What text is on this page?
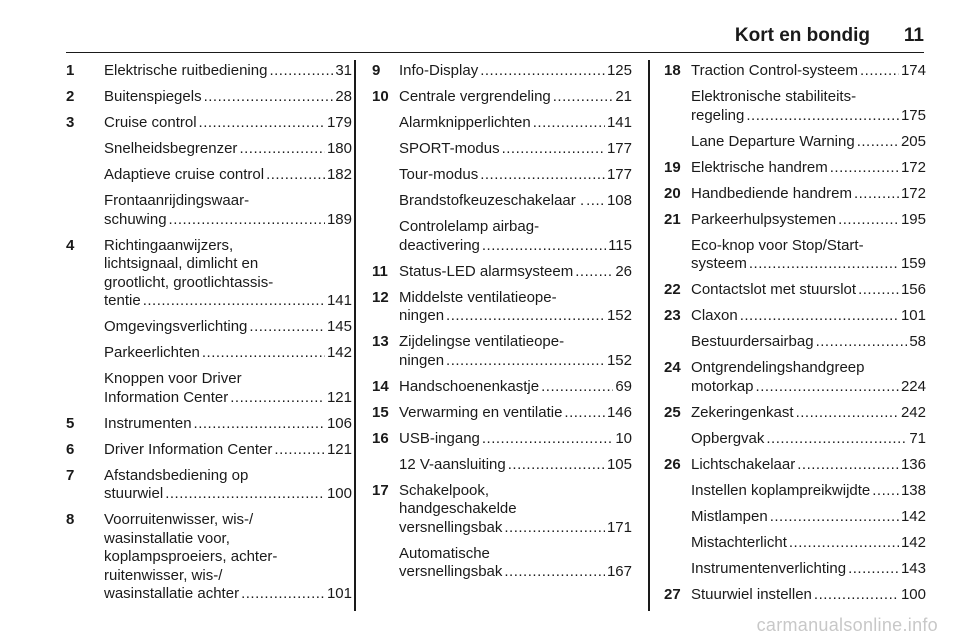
Kort en bondig 11
1 Elektrische ruitbediening .....	31
2 Buitenspiegels .....	28
3 Cruise control .....	179
Snelheidsbegrenzer .....	180
Adaptieve cruise control .....	182
Frontaanrijdingswaar-
schuwing .....	189
4 Richtingaanwijzers,
lichtsignaal, dimlicht en
grootlicht, grootlichtassis-
tentie .....	141
Omgevingsverlichting .....	145
Parkeerlichten .....	142
Knoppen voor Driver
Information Center .....	121
5 Instrumenten .....	106
6 Driver Information Center .....	121
7 Afstandsbediening op
stuurwiel .....	100
8 Voorruitenwisser, wis-/
wasinstallatie voor,
koplampsproeiers, achter-
ruitenwisser, wis-/
wasinstallatie achter .....	101
9 Info-Display .....	125
10 Centrale vergrendeling .....	21
Alarmknipperlichten .....	141
SPORT-modus .....	177
Tour-modus .....	177
Brandstofkeuzeschakelaar . ..... 108
Controlelamp airbag-
deactivering .....	115
11 Status-LED alarmsysteem .....	26
12 Middelste ventilatieope-
ningen .....	152
13 Zijdelingse ventilatieope-
ningen .....	152
14 Handschoenenkastje .....	69
15 Verwarming en ventilatie .....	146
16 USB-ingang .....	10
12 V-aansluiting .....	105
17 Schakelpook,
handgeschakelde
versnellingsbak .....	171
Automatische
versnellingsbak .....	167
18 Traction Control-systeem .....	174
Elektronische stabiliteits-
regeling .....	175
Lane Departure Warning .....	205
19 Elektrische handrem .....	172
20 Handbediende handrem .....	172
21 Parkeerhulpsystemen .....	195
Eco-knop voor Stop/Start-
systeem .....	159
22 Contactslot met stuurslot .....	156
23 Claxon .....	101
Bestuurdersairbag .....	58
24 Ontgrendelingshandgreep
motorkap .....	224
25 Zekeringenkast .....	242
Opbergvak .....	71
26 Lichtschakelaar .....	136
Instellen koplampreikwijdte ..... 138
Mistlampen .....	142
Mistachterlicht .....	142
Instrumentenverlichting .....	143
27 Stuurwiel instellen .....	100
carmanualsonline.info
